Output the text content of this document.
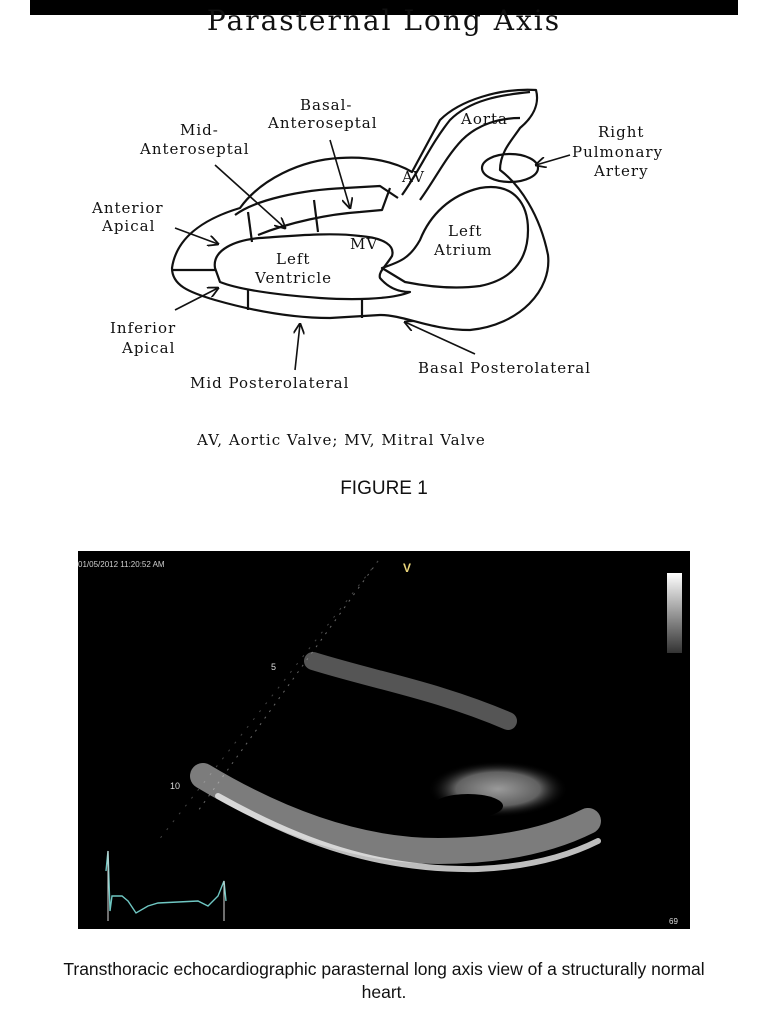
Parasternal Long Axis
Basal-
Anteroseptal
Mid-
Anteroseptal
Aorta
Right
Pulmonary
Artery
AV
Anterior
Apical
MV
Left
Ventricle
Left
Atrium
Inferior
Apical
Basal Posterolateral
Mid Posterolateral
AV, Aortic Valve; MV, Mitral Valve
FIGURE 1
01/05/2012 11:20:52 AM	V
5
10
69
Transthoracic echocardiographic parasternal long axis view of a structurally normal heart.
